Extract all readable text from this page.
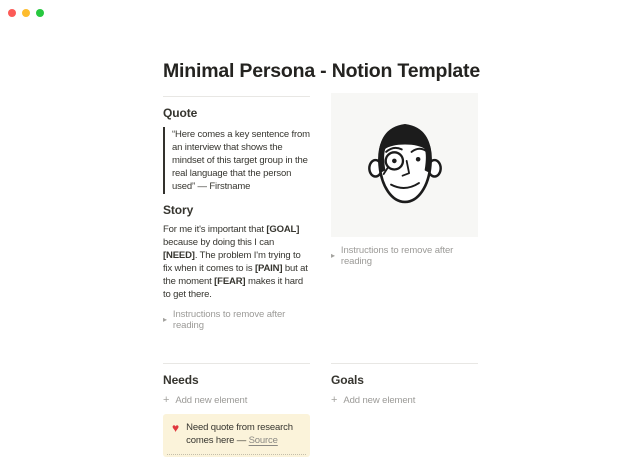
Minimal Persona - Notion Template
Quote
“Here comes a key sentence from an interview that shows the mindset of this target group in the real language that the person used” — Firstname
Story

For me it's important that [GOAL] because by doing this I can [NEED]. The problem I'm trying to fix when it comes to is [PAIN] but at the moment [FEAR] makes it hard to get there.

▸ Instructions to remove after reading
▸ Instructions to remove after reading
Needs
+ Add new element
♥ Need quote from research comes here — Source
Goals
+ Add new element
